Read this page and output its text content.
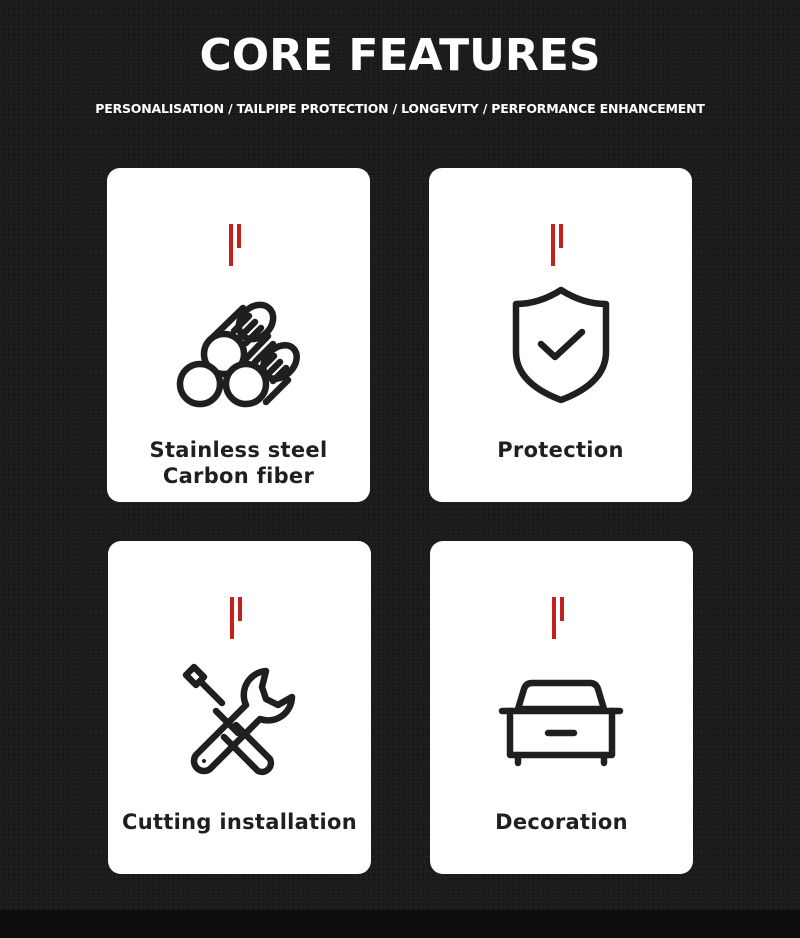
CORE FEATURES
PERSONALISATION / TAILPIPE PROTECTION / LONGEVITY / PERFORMANCE ENHANCEMENT
Stainless steel
Carbon fiber
Protection
Cutting installation	Decoration
